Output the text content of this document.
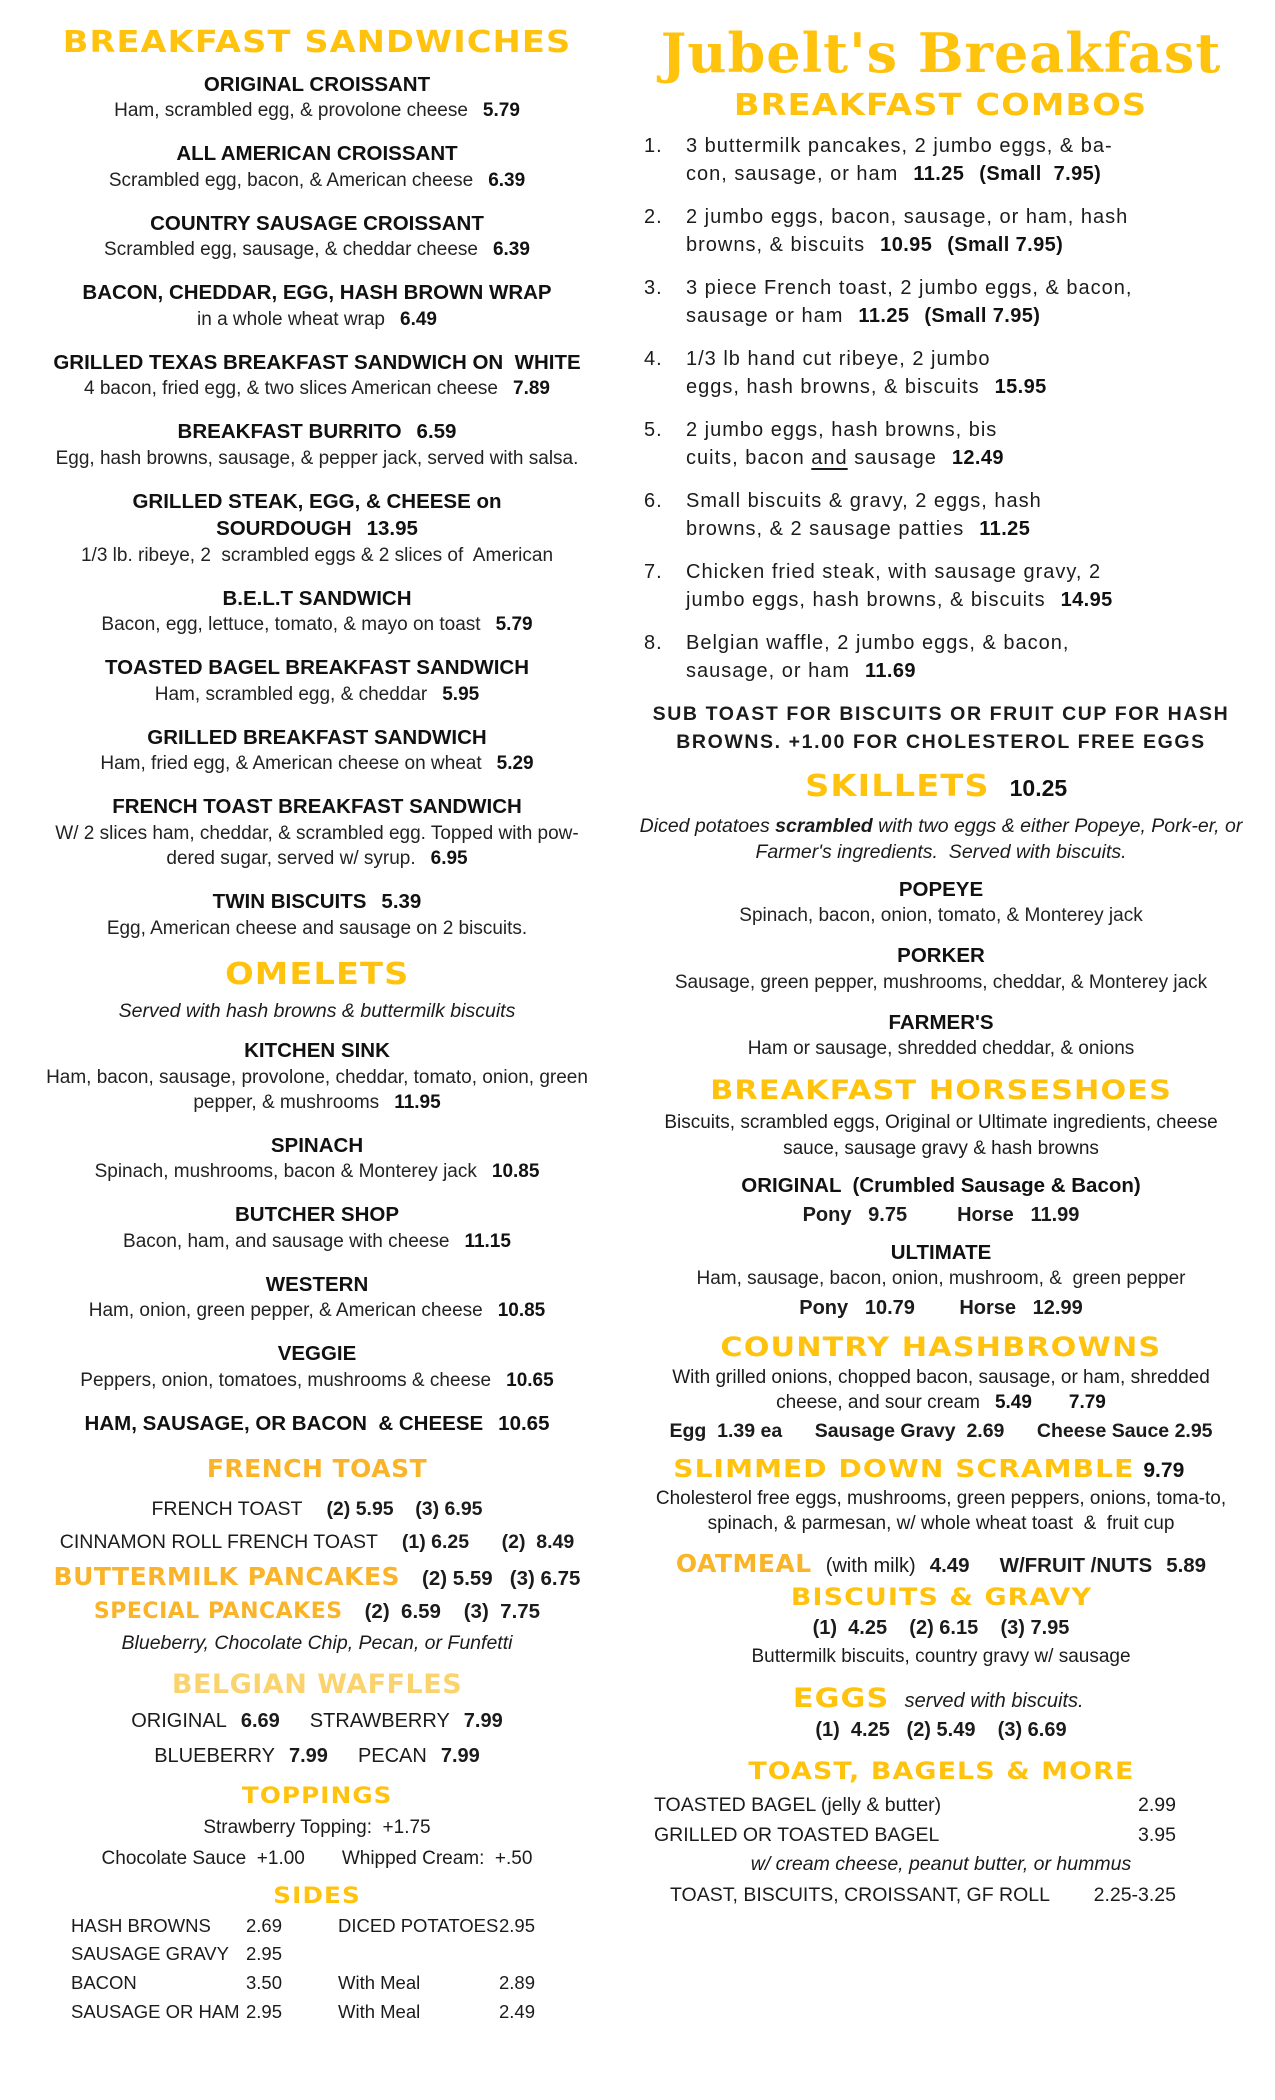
BREAKFAST SANDWICHES
ORIGINAL CROISSANT
Ham, scrambled egg, & provolone cheese 5.79
ALL AMERICAN CROISSANT
Scrambled egg, bacon, & American cheese 6.39
COUNTRY SAUSAGE CROISSANT
Scrambled egg, sausage, & cheddar cheese 6.39
BACON, CHEDDAR, EGG, HASH BROWN WRAP
in a whole wheat wrap 6.49
GRILLED TEXAS BREAKFAST SANDWICH ON  WHITE
4 bacon, fried egg, & two slices American cheese 7.89
BREAKFAST BURRITO 6.59
Egg, hash browns, sausage, & pepper jack, served with salsa.
GRILLED STEAK, EGG, & CHEESE on SOURDOUGH 13.95
1/3 lb. ribeye, 2  scrambled eggs & 2 slices of  American
B.E.L.T SANDWICH
Bacon, egg, lettuce, tomato, & mayo on toast 5.79
TOASTED BAGEL BREAKFAST SANDWICH
Ham, scrambled egg, & cheddar 5.95
GRILLED BREAKFAST SANDWICH
Ham, fried egg, & American cheese on wheat 5.29
FRENCH TOAST BREAKFAST SANDWICH
W/ 2 slices ham, cheddar, & scrambled egg. Topped with pow-dered sugar, served w/ syrup. 6.95
TWIN BISCUITS 5.39
Egg, American cheese and sausage on 2 biscuits.
OMELETS
Served with hash browns & buttermilk biscuits
KITCHEN SINK
Ham, bacon, sausage, provolone, cheddar, tomato, onion, green pepper, & mushrooms 11.95
SPINACH
Spinach, mushrooms, bacon & Monterey jack 10.85
BUTCHER SHOP
Bacon, ham, and sausage with cheese 11.15
WESTERN
Ham, onion, green pepper, & American cheese 10.85
VEGGIE
Peppers, onion, tomatoes, mushrooms & cheese 10.65
HAM, SAUSAGE, OR BACON  & CHEESE 10.65
FRENCH TOAST
FRENCH TOAST (2) 5.95    (3) 6.95
CINNAMON ROLL FRENCH TOAST (1) 6.25      (2)  8.49
BUTTERMILK PANCAKES (2) 5.59   (3) 6.75
SPECIAL PANCAKES (2)  6.59    (3)  7.75
Blueberry, Chocolate Chip, Pecan, or Funfetti
BELGIAN WAFFLES
ORIGINAL 6.69 STRAWBERRY 7.99
BLUEBERRY 7.99 PECAN 7.99
TOPPINGS
Strawberry Topping:  +1.75
Chocolate Sauce  +1.00       Whipped Cream:  +.50
SIDES
HASH BROWNS	2.69	DICED POTATOES 2.95
SAUSAGE GRAVY 2.95
BACON	3.50	With Meal	2.89
SAUSAGE OR HAM 2.95	With Meal	2.49
Jubelt's Breakfast
BREAKFAST COMBOS
1.	3 buttermilk pancakes, 2 jumbo eggs, & ba-
con, sausage, or ham 11.25 (Small  7.95)
2.	2 jumbo eggs, bacon, sausage, or ham, hash
browns, & biscuits 10.95 (Small 7.95)
3.	3 piece French toast, 2 jumbo eggs, & bacon,
sausage or ham 11.25 (Small 7.95)
4.	1/3 lb hand cut ribeye, 2 jumbo
eggs, hash browns, & biscuits 15.95
5.	2 jumbo eggs, hash browns, bis
cuits, bacon and sausage 12.49
6.	Small biscuits & gravy, 2 eggs, hash
browns, & 2 sausage patties 11.25
7.	Chicken fried steak, with sausage gravy, 2
jumbo eggs, hash browns, & biscuits 14.95
8.	Belgian waffle, 2 jumbo eggs, & bacon,
sausage, or ham 11.69
SUB TOAST FOR BISCUITS OR FRUIT CUP FOR HASH
BROWNS. +1.00 FOR CHOLESTEROL FREE EGGS
SKILLETS 10.25
Diced potatoes scrambled with two eggs & either Popeye, Pork-er, or Farmer's ingredients.  Served with biscuits.
POPEYE
Spinach, bacon, onion, tomato, & Monterey jack
PORKER
Sausage, green pepper, mushrooms, cheddar, & Monterey jack
FARMER'S
Ham or sausage, shredded cheddar, & onions
BREAKFAST HORSESHOES
Biscuits, scrambled eggs, Original or Ultimate ingredients, cheese sauce, sausage gravy & hash browns
ORIGINAL  (Crumbled Sausage & Bacon)
Pony   9.75         Horse   11.99
ULTIMATE
Ham, sausage, bacon, onion, mushroom, &  green pepper
Pony   10.79        Horse   12.99
COUNTRY HASHBROWNS
With grilled onions, chopped bacon, sausage, or ham, shredded cheese, and sour cream 5.49       7.79
Egg  1.39 ea      Sausage Gravy  2.69      Cheese Sauce 2.95
SLIMMED DOWN SCRAMBLE 9.79
Cholesterol free eggs, mushrooms, green peppers, onions, toma-to, spinach, & parmesan, w/ whole wheat toast  &  fruit cup
OATMEAL (with milk) 4.49 W/FRUIT /NUTS 5.89
BISCUITS & GRAVY
(1)  4.25    (2) 6.15    (3) 7.95
Buttermilk biscuits, country gravy w/ sausage
EGGS served with biscuits.
(1)  4.25   (2) 5.49    (3) 6.69
TOAST, BAGELS & MORE
TOASTED BAGEL (jelly & butter)	2.99
GRILLED OR TOASTED BAGEL	3.95
w/ cream cheese, peanut butter, or hummus
TOAST, BISCUITS, CROISSANT, GF ROLL 2.25-3.25
